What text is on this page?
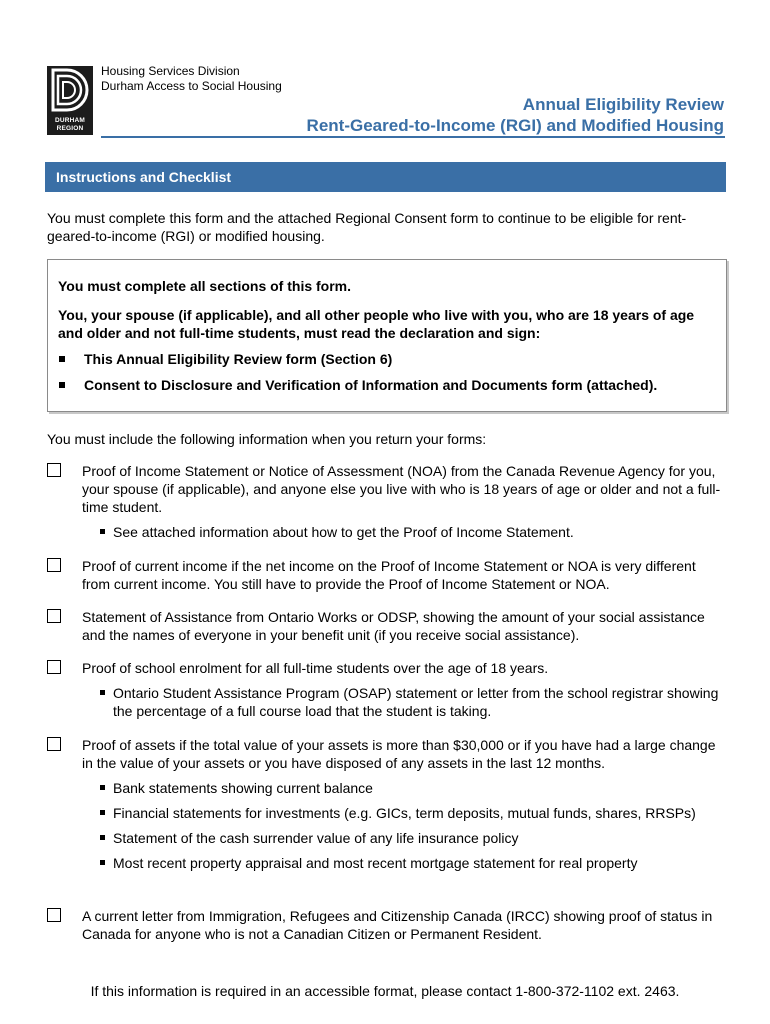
DURHAM
REGION
Housing Services Division
Durham Access to Social Housing
Annual Eligibility Review
Rent-Geared-to-Income (RGI) and Modified Housing
Instructions and Checklist
You must complete this form and the attached Regional Consent form to continue to be eligible for rent-geared-to-income (RGI) or modified housing.

You must complete all sections of this form.

You, your spouse (if applicable), and all other people who live with you, who are 18 years of age and older and not full-time students, must read the declaration and sign:

This Annual Eligibility Review form (Section 6)
Consent to Disclosure and Verification of Information and Documents form (attached).
You must include the following information when you return your forms:
Proof of Income Statement or Notice of Assessment (NOA) from the Canada Revenue Agency for you, your spouse (if applicable), and anyone else you live with who is 18 years of age or older and not a full-time student.
See attached information about how to get the Proof of Income Statement.
Proof of current income if the net income on the Proof of Income Statement or NOA is very different from current income. You still have to provide the Proof of Income Statement or NOA.
Statement of Assistance from Ontario Works or ODSP, showing the amount of your social assistance and the names of everyone in your benefit unit (if you receive social assistance).
Proof of school enrolment for all full-time students over the age of 18 years.
Ontario Student Assistance Program (OSAP) statement or letter from the school registrar showing the percentage of a full course load that the student is taking.
Proof of assets if the total value of your assets is more than $30,000 or if you have had a large change in the value of your assets or you have disposed of any assets in the last 12 months.
Bank statements showing current balance
Financial statements for investments (e.g. GICs, term deposits, mutual funds, shares, RRSPs)
Statement of the cash surrender value of any life insurance policy
Most recent property appraisal and most recent mortgage statement for real property
A current letter from Immigration, Refugees and Citizenship Canada (IRCC) showing proof of status in Canada for anyone who is not a Canadian Citizen or Permanent Resident.
If this information is required in an accessible format, please contact 1-800-372-1102 ext. 2463.
